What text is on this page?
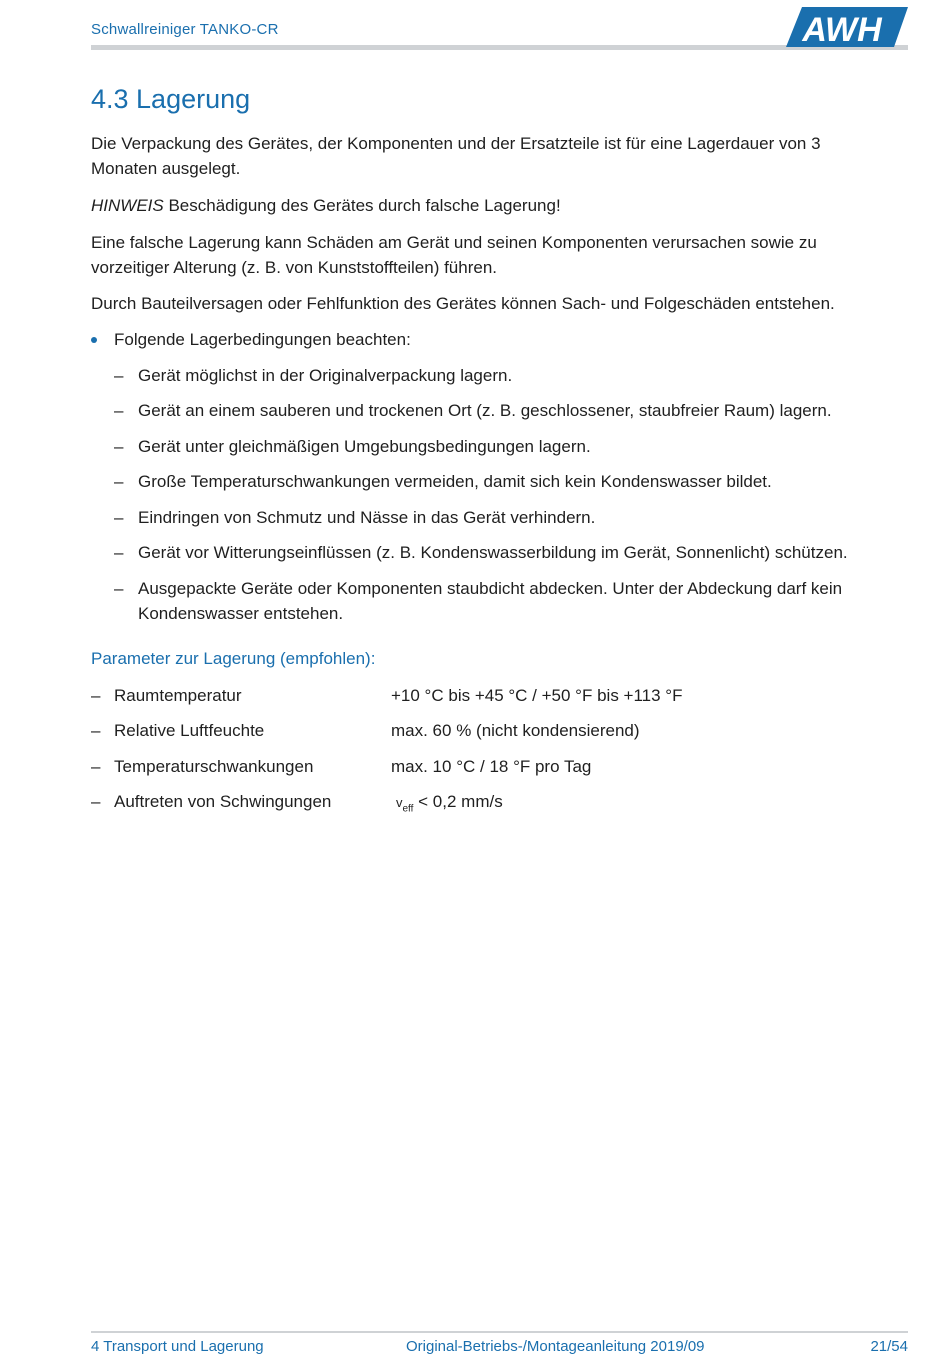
Schwallreiniger TANKO-CR	AWH
4.3 Lagerung

Die Verpackung des Gerätes, der Komponenten und der Ersatzteile ist für eine Lagerdauer von 3

Monaten ausgelegt.

HINWEIS Beschädigung des Gerätes durch falsche Lagerung!

Eine falsche Lagerung kann Schäden am Gerät und seinen Komponenten verursachen sowie zu

vorzeitiger Alterung (z. B. von Kunststoffteilen) führen.

Durch Bauteilversagen oder Fehlfunktion des Gerätes können Sach- und Folgeschäden entstehen.

Folgende Lagerbedingungen beachten:
– Gerät möglichst in der Originalverpackung lagern.
– Gerät an einem sauberen und trockenen Ort (z. B. geschlossener, staubfreier Raum) lagern.
– Gerät unter gleichmäßigen Umgebungsbedingungen lagern.
– Große Temperaturschwankungen vermeiden, damit sich kein Kondenswasser bildet.
– Eindringen von Schmutz und Nässe in das Gerät verhindern.
– Gerät vor Witterungseinflüssen (z. B. Kondenswasserbildung im Gerät, Sonnenlicht) schützen.
– Ausgepackte Geräte oder Komponenten staubdicht abdecken. Unter der Abdeckung darf kein
Kondenswasser entstehen.
Parameter zur Lagerung (empfohlen):
– Raumtemperatur	+10 °C bis +45 °C / +50 °F bis +113 °F
– Relative Luftfeuchte	max. 60 % (nicht kondensierend)
– Temperaturschwankungen	max. 10 °C / 18 °F pro Tag
– Auftreten von Schwingungen	$v_{eff} < 0,2$ mm/s
4 Transport und Lagerung	Original-Betriebs-/Montageanleitung 2019/09	21/54
